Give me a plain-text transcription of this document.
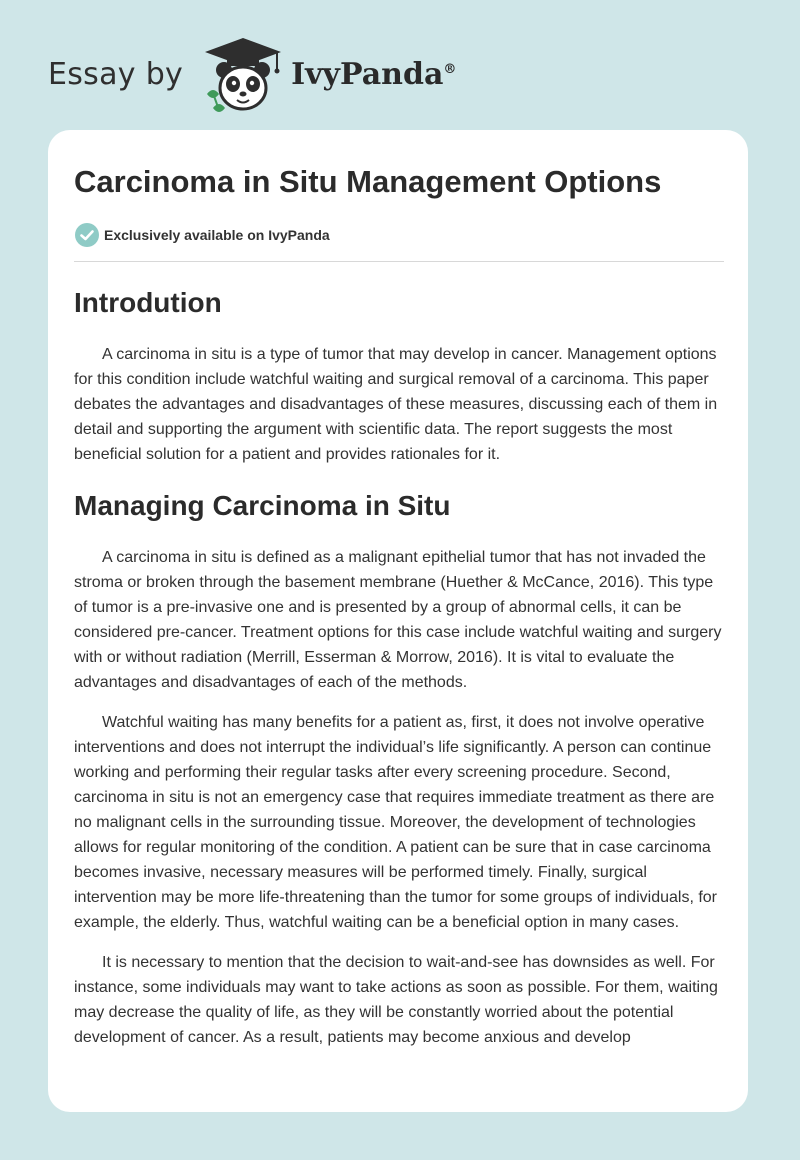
Essay by	IvyPanda®
Carcinoma in Situ Management Options
Exclusively available on IvyPanda
Introdution

A carcinoma in situ is a type of tumor that may develop in cancer. Management options for this condition include watchful waiting and surgical removal of a carcinoma. This paper debates the advantages and disadvantages of these measures, discussing each of them in detail and supporting the argument with scientific data. The report suggests the most beneficial solution for a patient and provides rationales for it.

Managing Carcinoma in Situ

A carcinoma in situ is defined as a malignant epithelial tumor that has not invaded the stroma or broken through the basement membrane (Huether & McCance, 2016). This type of tumor is a pre-invasive one and is presented by a group of abnormal cells, it can be considered pre-cancer. Treatment options for this case include watchful waiting and surgery with or without radiation (Merrill, Esserman & Morrow, 2016). It is vital to evaluate the advantages and disadvantages of each of the methods.

Watchful waiting has many benefits for a patient as, first, it does not involve operative interventions and does not interrupt the individual’s life significantly. A person can continue working and performing their regular tasks after every screening procedure. Second, carcinoma in situ is not an emergency case that requires immediate treatment as there are no malignant cells in the surrounding tissue. Moreover, the development of technologies allows for regular monitoring of the condition. A patient can be sure that in case carcinoma becomes invasive, necessary measures will be performed timely. Finally, surgical intervention may be more life-threatening than the tumor for some groups of individuals, for example, the elderly. Thus, watchful waiting can be a beneficial option in many cases.

It is necessary to mention that the decision to wait-and-see has downsides as well. For instance, some individuals may want to take actions as soon as possible. For them, waiting may decrease the quality of life, as they will be constantly worried about the potential development of cancer. As a result, patients may become anxious and develop
